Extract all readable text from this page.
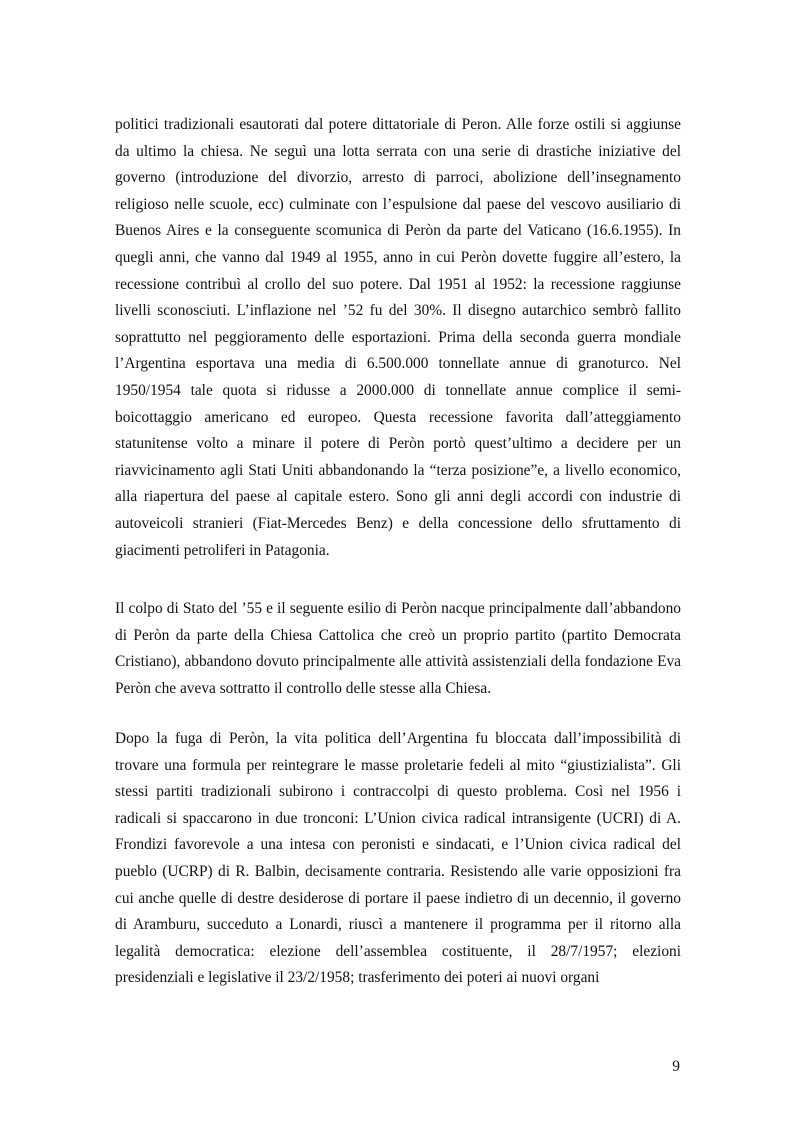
politici tradizionali esautorati dal potere dittatoriale di Peron. Alle forze ostili si aggiunse da ultimo la chiesa. Ne seguì una lotta serrata con una serie di drastiche iniziative del governo (introduzione del divorzio, arresto di parroci, abolizione dell’insegnamento religioso nelle scuole, ecc) culminate con l’espulsione dal paese del vescovo ausiliario di Buenos Aires e la conseguente scomunica di Peròn da parte del Vaticano (16.6.1955). In quegli anni, che vanno dal 1949 al 1955, anno in cui Peròn dovette fuggire all’estero, la recessione contribuì al crollo del suo potere. Dal 1951 al 1952: la recessione raggiunse livelli sconosciuti. L’inflazione nel ’52 fu del 30%. Il disegno autarchico sembrò fallito soprattutto nel peggioramento delle esportazioni. Prima della seconda guerra mondiale l’Argentina esportava una media di 6.500.000 tonnellate annue di granoturco. Nel 1950/1954 tale quota si ridusse a 2000.000 di tonnellate annue complice il semi-boicottaggio americano ed europeo. Questa recessione favorita dall’atteggiamento statunitense volto a minare il potere di Peròn portò quest’ultimo a decidere per un riavvicinamento agli Stati Uniti abbandonando la “terza posizione”e, a livello economico, alla riapertura del paese al capitale estero. Sono gli anni degli accordi con industrie di autoveicoli stranieri (Fiat-Mercedes Benz) e della concessione dello sfruttamento di giacimenti petroliferi in Patagonia.

Il colpo di Stato del ’55 e il seguente esilio di Peròn nacque principalmente dall’abbandono di Peròn da parte della Chiesa Cattolica che creò un proprio partito (partito Democrata Cristiano), abbandono dovuto principalmente alle attività assistenziali della fondazione Eva Peròn che aveva sottratto il controllo delle stesse alla Chiesa.

Dopo la fuga di Peròn, la vita politica dell’Argentina fu bloccata dall’impossibilità di trovare una formula per reintegrare le masse proletarie fedeli al mito “giustizialista”. Gli stessi partiti tradizionali subirono i contraccolpi di questo problema. Così nel 1956 i radicali si spaccarono in due tronconi: L’Union civica radical intransigente (UCRI) di A. Frondizi favorevole a una intesa con peronisti e sindacati, e l’Union civica radical del pueblo (UCRP) di R. Balbin, decisamente contraria. Resistendo alle varie opposizioni fra cui anche quelle di destre desiderose di portare il paese indietro di un decennio, il governo di Aramburu, succeduto a Lonardi, riuscì a mantenere il programma per il ritorno alla legalità democratica: elezione dell’assemblea costituente, il 28/7/1957; elezioni presidenziali e legislative il 23/2/1958; trasferimento dei poteri ai nuovi organi

9
